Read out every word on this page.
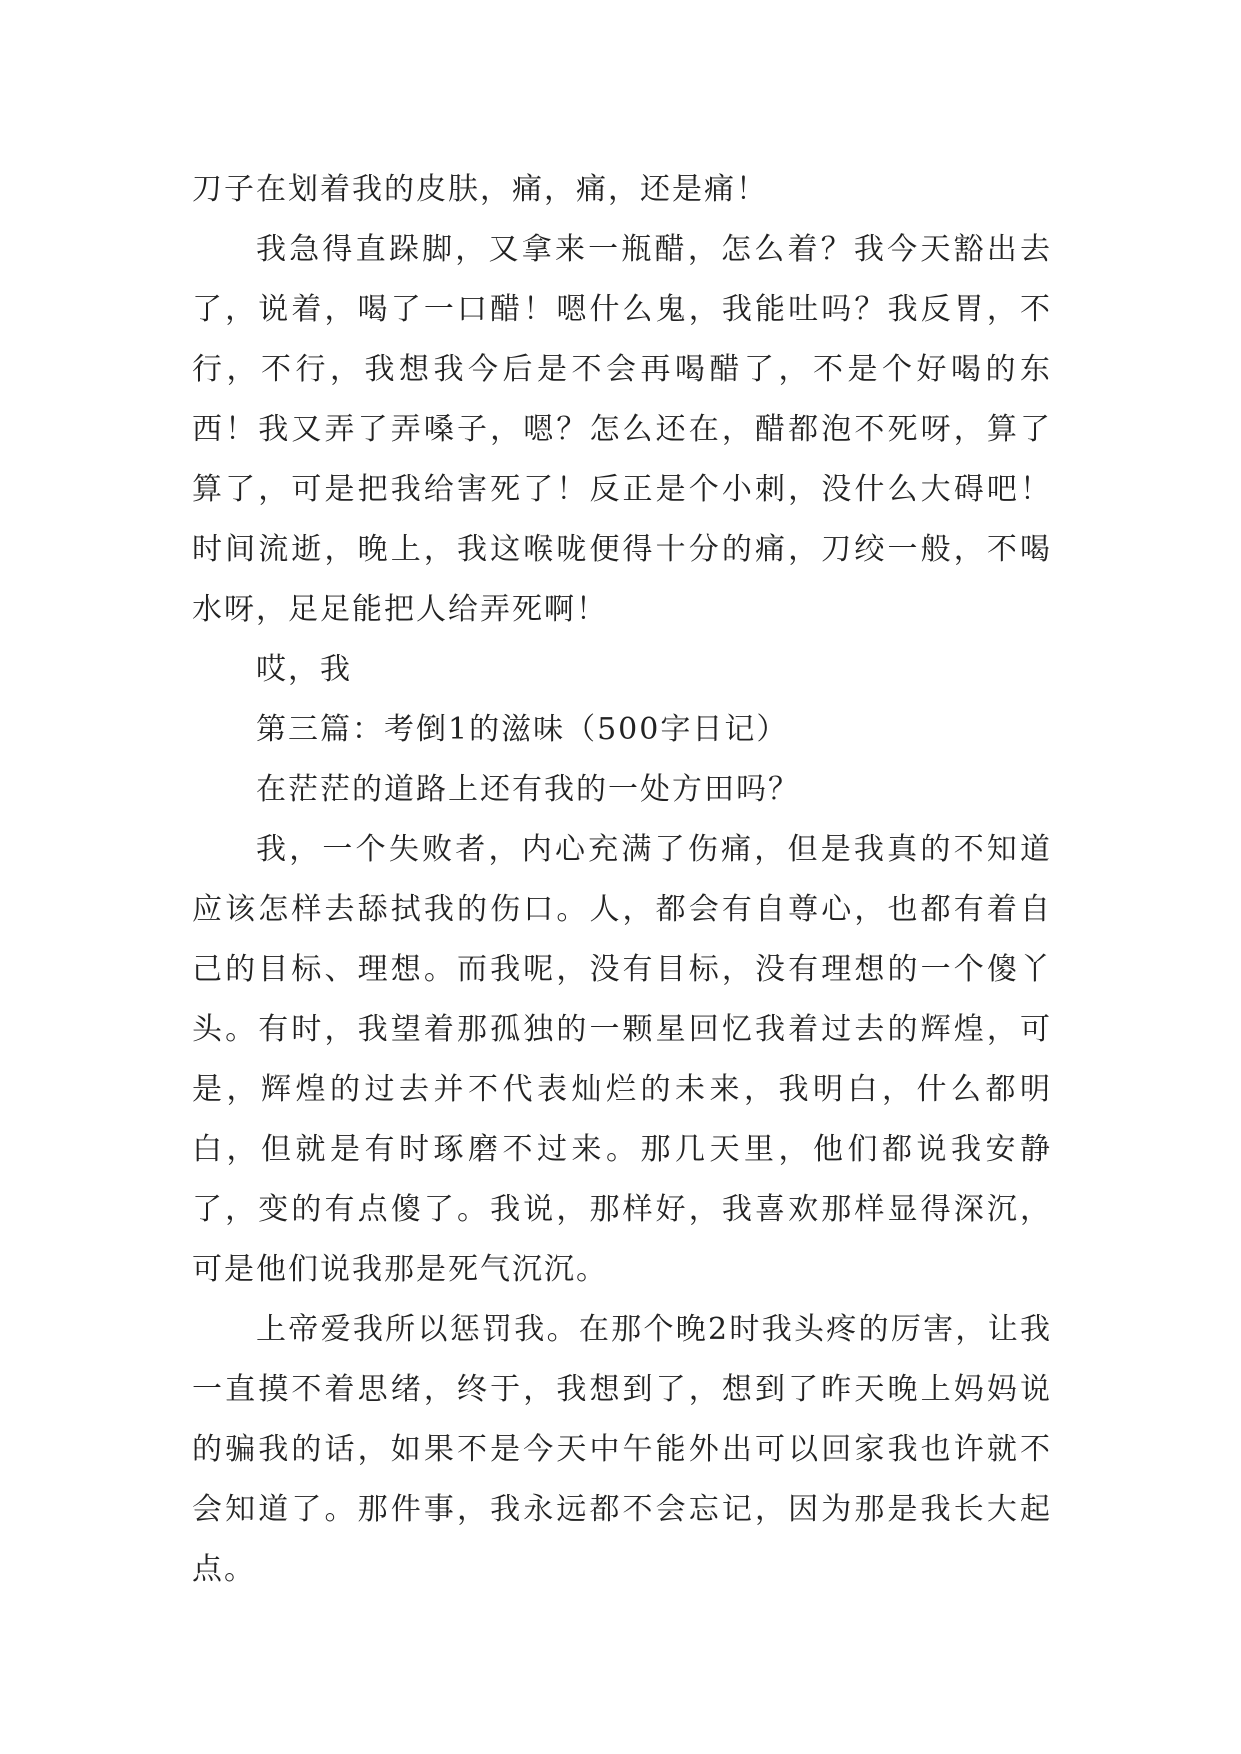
刀子在划着我的皮肤，痛，痛，还是痛！

我急得直跺脚，又拿来一瓶醋，怎么着？我今天豁出去了，说着，喝了一口醋！嗯什么鬼，我能吐吗？我反胃，不行，不行，我想我今后是不会再喝醋了，不是个好喝的东西！我又弄了弄嗓子，嗯？怎么还在，醋都泡不死呀，算了算了，可是把我给害死了！反正是个小刺，没什么大碍吧！时间流逝，晚上，我这喉咙便得十分的痛，刀绞一般，不喝水呀，足足能把人给弄死啊！

哎，我

第三篇：考倒1的滋味（500字日记）

在茫茫的道路上还有我的一处方田吗？

我，一个失败者，内心充满了伤痛，但是我真的不知道应该怎样去舔拭我的伤口。人，都会有自尊心，也都有着自己的目标、理想。而我呢，没有目标，没有理想的一个傻丫头。有时，我望着那孤独的一颗星回忆我着过去的辉煌，可是，辉煌的过去并不代表灿烂的未来，我明白，什么都明白，但就是有时琢磨不过来。那几天里，他们都说我安静了，变的有点傻了。我说，那样好，我喜欢那样显得深沉，可是他们说我那是死气沉沉。

上帝爱我所以惩罚我。在那个晚2时我头疼的厉害，让我一直摸不着思绪，终于，我想到了，想到了昨天晚上妈妈说的骗我的话，如果不是今天中午能外出可以回家我也许就不会知道了。那件事，我永远都不会忘记，因为那是我长大起点。
